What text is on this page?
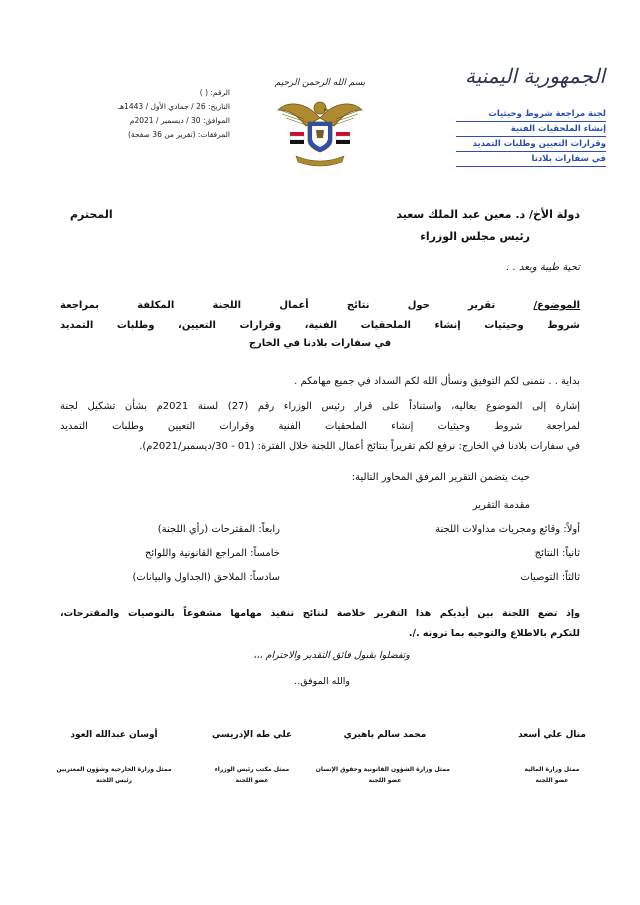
الجمهورية اليمنية
لجنة مراجعة شروط وحيثيات
إنشاء الملحقيات الفنية
وقرارات التعيين وطلبات التمديد
في سفارات بلادنا
بسم الله الرحمن الرحيم
الرقم: ( )
التاريخ: 26 / جمادي الأول / 1443هـ
الموافق: 30 / ديسمبر / 2021م
المرفقات: (تقرير من 36 صفحة)
دولة الأخ/ د. معين عبد الملك سعيد
المحترم
رئيس مجلس الوزراء
تحية طيبة وبعد . .
الموضوع/ تقرير حول نتائج أعمال اللجنة المكلفة بمراجعة
شروط وحيثيات إنشاء الملحقيات الفنية، وقرارات التعيين، وطلبات التمديد
في سفارات بلادنا في الخارج
بداية . . نتمنى لكم التوفيق ونسأل الله لكم السداد في جميع مهامكم .
إشارة إلى الموضوع بعاليه، واستناداً على قرار رئيس الوزراء رقم (27) لسنة 2021م بشأن تشكيل لجنة
لمراجعة شروط وحيثيات إنشاء الملحقيات الفنية وقرارات التعيين وطلبات التمديد
في سفارات بلادنا في الخارج: نرفع لكم تقريراً بنتائج أعمال اللجنة خلال الفترة: (01 - 30/ديسمبر/2021م).
حيث يتضمن التقرير المرفق المحاور التالية:
مقدمة التقرير
أولاً: وقائع ومجريات مداولات اللجنة
ثانياً: النتائج
ثالثاً: التوصيات
رابعاً: المقترحات (رأي اللجنة)
خامساً: المراجع القانونية واللوائح
سادساً: الملاحق (الجداول والبيانات)
وإذ تضع اللجنة بين أيديكم هذا التقرير خلاصة لنتائج تنفيذ مهامها مشفوعاً بالتوصيات والمقترحات،
للتكرم بالاطلاع والتوجيه بما ترونه ./.
وتفضلوا بقبول فائق التقدير والاحترام ،،،
والله الموفق..
منال علي أسعد
ممثل وزارة المالية
عضو اللجنة
محمد سالم باهيري
ممثل وزارة الشؤون القانونية وحقوق الإنسان
عضو اللجنة
علي طه الإدريسي
ممثل مكتب رئيس الوزراء
عضو اللجنة
أوسان عبدالله العود
ممثل وزارة الخارجية وشؤون المغتربين
رئيس اللجنة
